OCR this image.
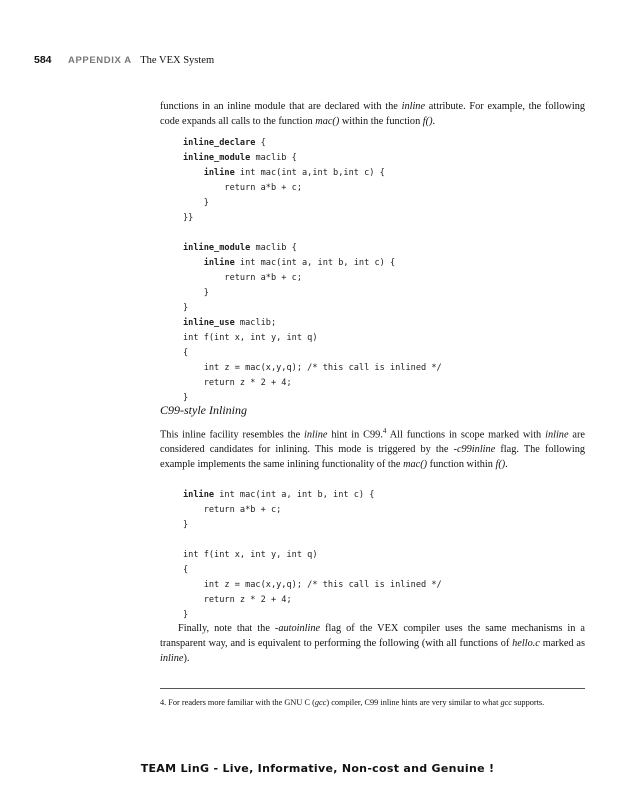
584 APPENDIX A The VEX System

functions in an inline module that are declared with the inline attribute. For example, the following code expands all calls to the function mac() within the function f().

inline_declare {
inline_module maclib {
inline int mac(int a,int b,int c) {
return a*b + c;
}
}}
inline_module maclib {
inline int mac(int a, int b, int c) {
return a*b + c;
}
}
inline_use maclib;
int f(int x, int y, int q)
{
int z = mac(x,y,q); /* this call is inlined */
return z * 2 + 4;
}
C99-style Inlining

This inline facility resembles the inline hint in C99.$^4$ All functions in scope marked with inline are considered candidates for inlining. This mode is triggered by the -c99inline flag. The following example implements the same inlining functionality of the mac() function within f().

inline int mac(int a, int b, int c) {
return a*b + c;
}
int f(int x, int y, int q)
{
int z = mac(x,y,q); /* this call is inlined */
return z * 2 + 4;
}

Finally, note that the -autoinline flag of the VEX compiler uses the same mechanisms in a transparent way, and is equivalent to performing the following (with all functions of hello.c marked as inline).

4. For readers more familiar with the GNU C (gcc) compiler, C99 inline hints are very similar to what gcc supports.

TEAM LinG - Live, Informative, Non-cost and Genuine !
